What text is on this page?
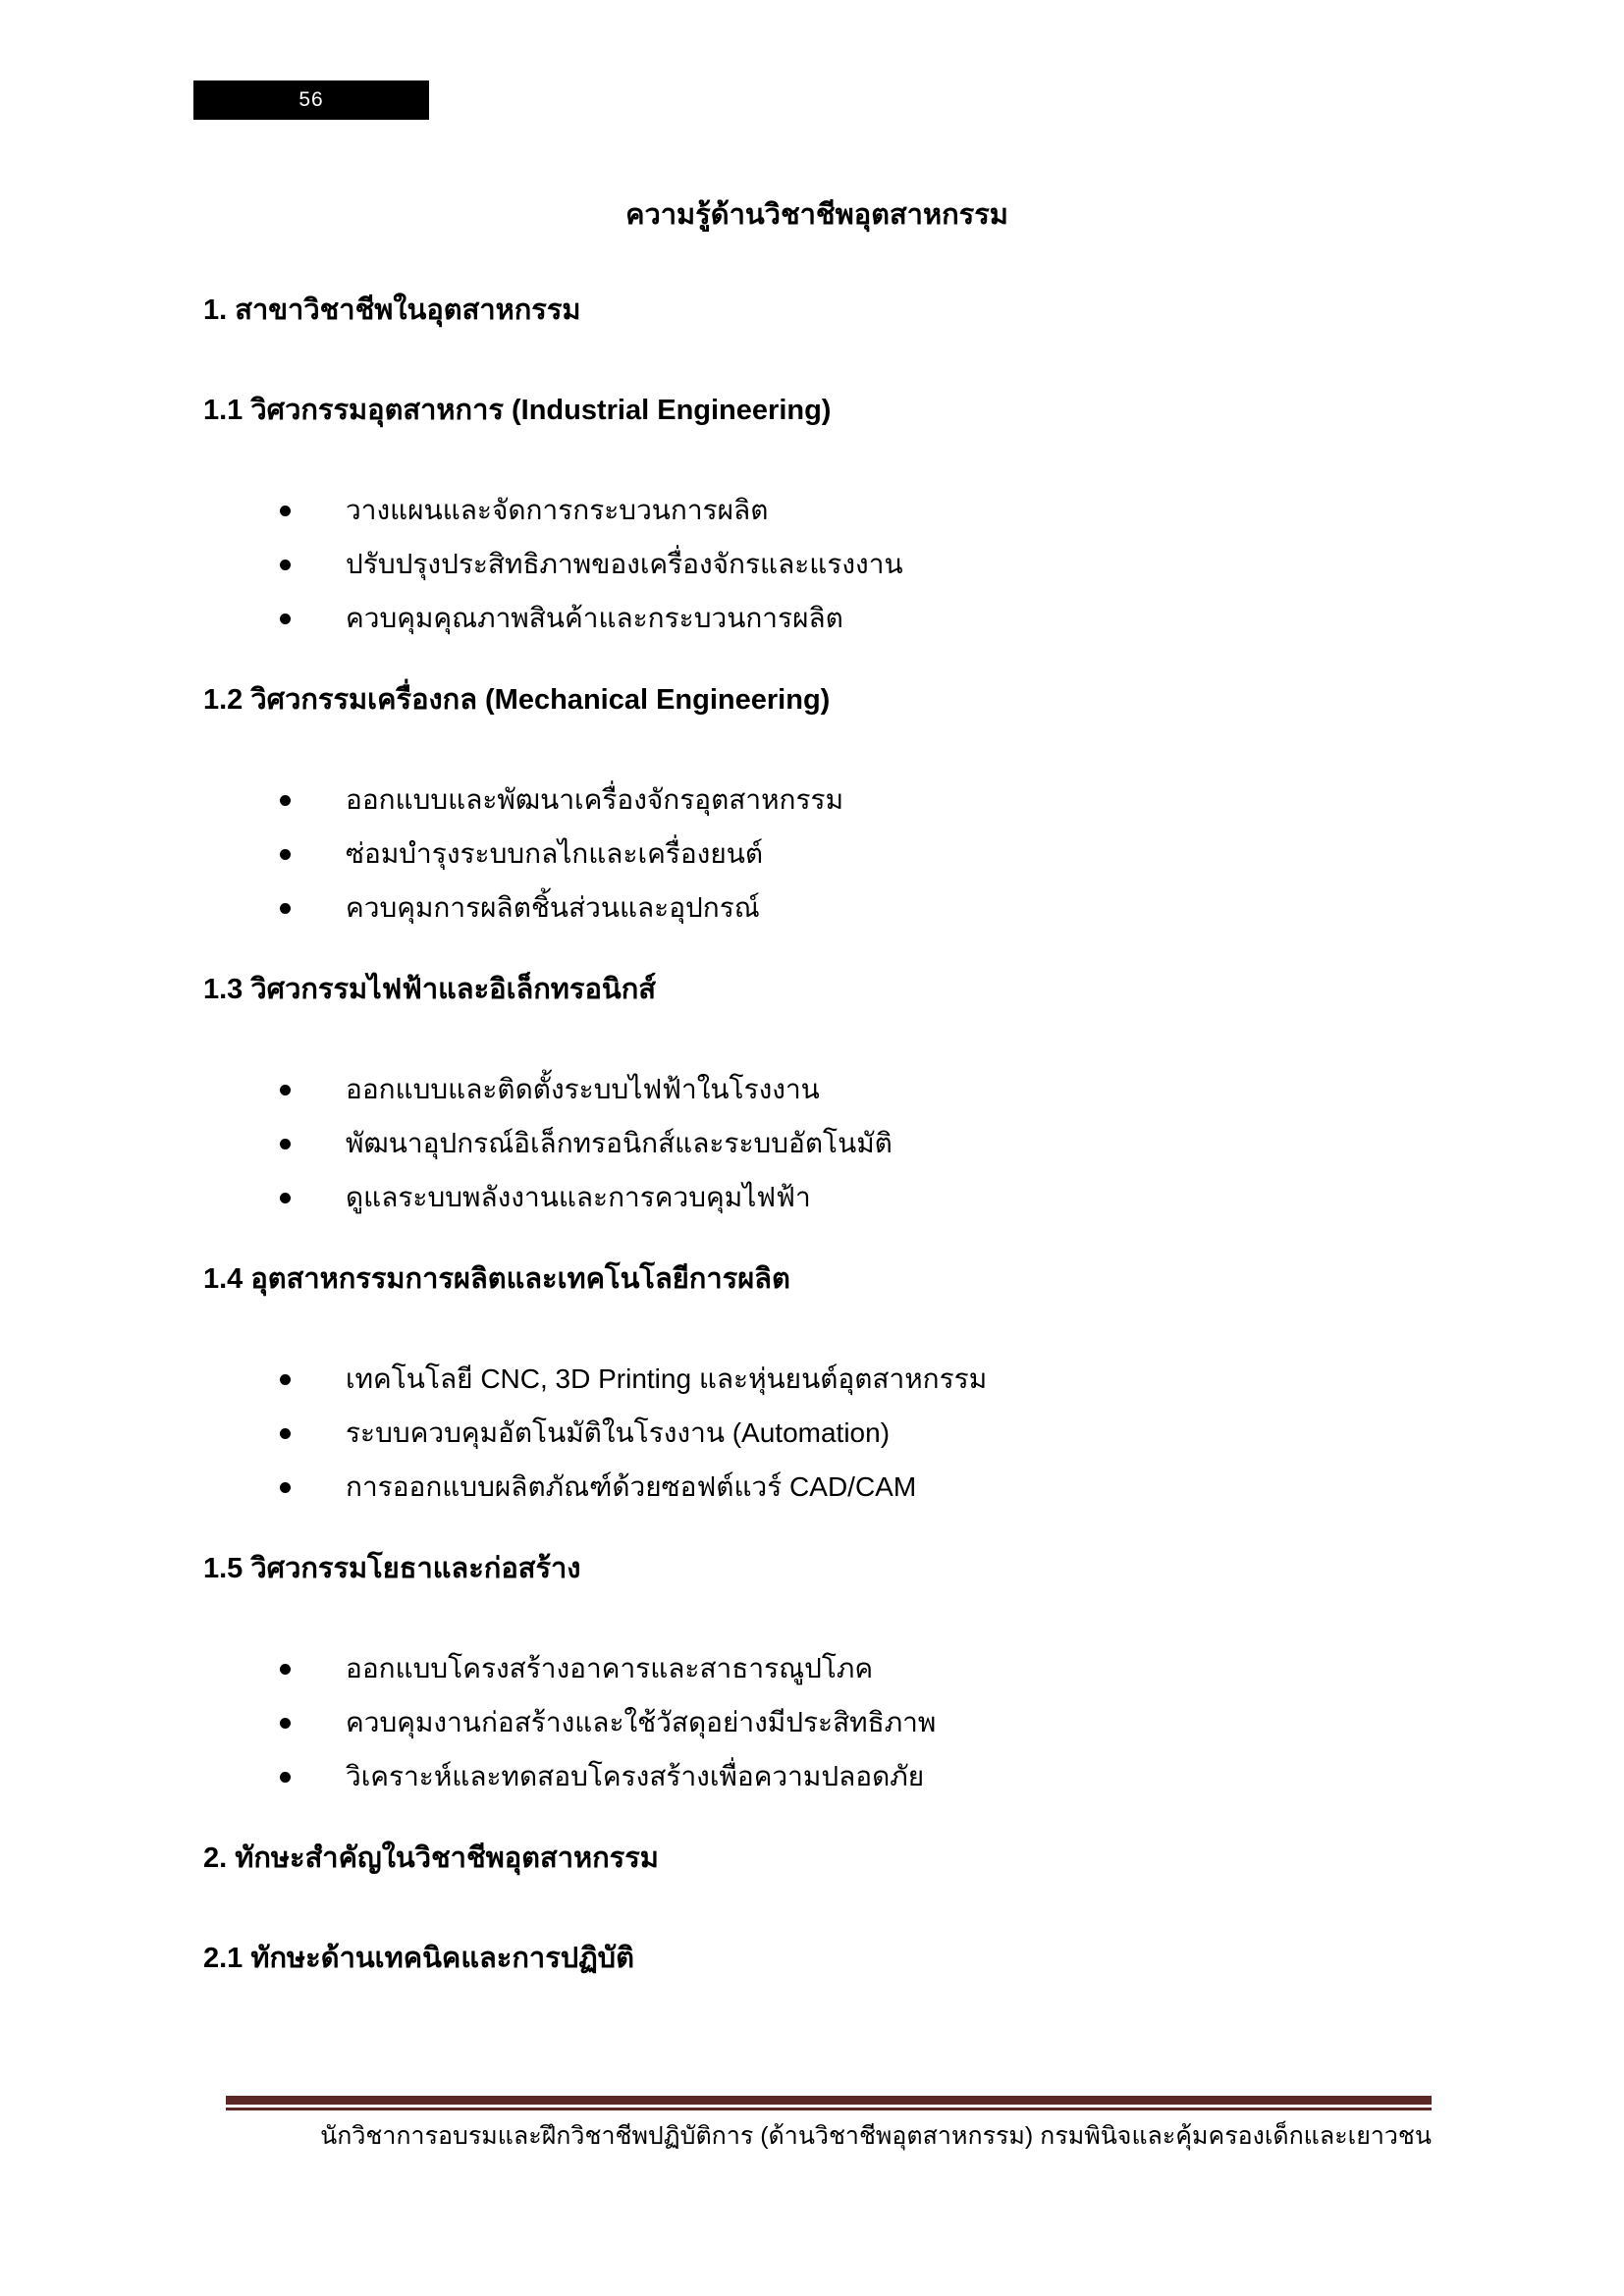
56
ความรู้ด้านวิชาชีพอุตสาหกรรม
1. สาขาวิชาชีพในอุตสาหกรรม
1.1 วิศวกรรมอุตสาหการ (Industrial Engineering)
วางแผนและจัดการกระบวนการผลิต
ปรับปรุงประสิทธิภาพของเครื่องจักรและแรงงาน
ควบคุมคุณภาพสินค้าและกระบวนการผลิต
1.2 วิศวกรรมเครื่องกล (Mechanical Engineering)
ออกแบบและพัฒนาเครื่องจักรอุตสาหกรรม
ซ่อมบำรุงระบบกลไกและเครื่องยนต์
ควบคุมการผลิตชิ้นส่วนและอุปกรณ์
1.3 วิศวกรรมไฟฟ้าและอิเล็กทรอนิกส์
ออกแบบและติดตั้งระบบไฟฟ้าในโรงงาน
พัฒนาอุปกรณ์อิเล็กทรอนิกส์และระบบอัตโนมัติ
ดูแลระบบพลังงานและการควบคุมไฟฟ้า
1.4 อุตสาหกรรมการผลิตและเทคโนโลยีการผลิต
เทคโนโลยี CNC, 3D Printing และหุ่นยนต์อุตสาหกรรม
ระบบควบคุมอัตโนมัติในโรงงาน (Automation)
การออกแบบผลิตภัณฑ์ด้วยซอฟต์แวร์ CAD/CAM
1.5 วิศวกรรมโยธาและก่อสร้าง
ออกแบบโครงสร้างอาคารและสาธารณูปโภค
ควบคุมงานก่อสร้างและใช้วัสดุอย่างมีประสิทธิภาพ
วิเคราะห์และทดสอบโครงสร้างเพื่อความปลอดภัย
2. ทักษะสำคัญในวิชาชีพอุตสาหกรรม
2.1 ทักษะด้านเทคนิคและการปฏิบัติ
นักวิชาการอบรมและฝึกวิชาชีพปฏิบัติการ (ด้านวิชาชีพอุตสาหกรรม) กรมพินิจและคุ้มครองเด็กและเยาวชน
